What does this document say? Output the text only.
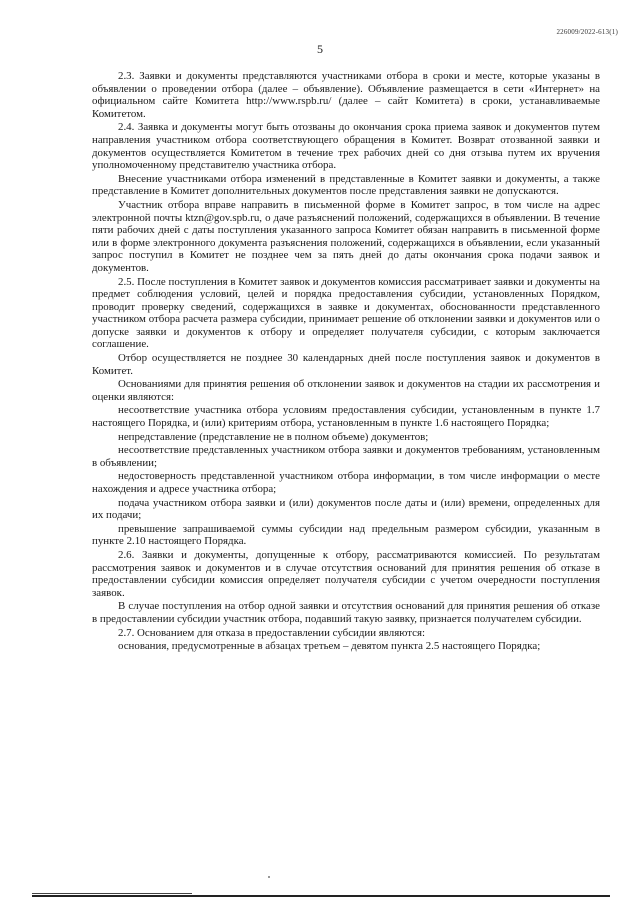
226009/2022-613(1)
5

2.3. Заявки и документы представляются участниками отбора в сроки и месте, которые указаны в объявлении о проведении отбора (далее – объявление). Объявление размещается в сети «Интернет» на официальном сайте Комитета http://www.rspb.ru/ (далее – сайт Комитета) в сроки, устанавливаемые Комитетом.

2.4. Заявка и документы могут быть отозваны до окончания срока приема заявок и документов путем направления участником отбора соответствующего обращения в Комитет. Возврат отозванной заявки и документов осуществляется Комитетом в течение трех рабочих дней со дня отзыва путем их вручения уполномоченному представителю участника отбора.

Внесение участниками отбора изменений в представленные в Комитет заявки и документы, а также представление в Комитет дополнительных документов после представления заявки не допускаются.

Участник отбора вправе направить в письменной форме в Комитет запрос, в том числе на адрес электронной почты ktzn@gov.spb.ru, о даче разъяснений положений, содержащихся в объявлении. В течение пяти рабочих дней с даты поступления указанного запроса Комитет обязан направить в письменной форме или в форме электронного документа разъяснения положений, содержащихся в объявлении, если указанный запрос поступил в Комитет не позднее чем за пять дней до даты окончания срока подачи заявок и документов.

2.5. После поступления в Комитет заявок и документов комиссия рассматривает заявки и документы на предмет соблюдения условий, целей и порядка предоставления субсидии, установленных Порядком, проводит проверку сведений, содержащихся в заявке и документах, обоснованности представленного участником отбора расчета размера субсидии, принимает решение об отклонении заявки и документов или о допуске заявки и документов к отбору и определяет получателя субсидии, с которым заключается соглашение.

Отбор осуществляется не позднее 30 календарных дней после поступления заявок и документов в Комитет.

Основаниями для принятия решения об отклонении заявок и документов на стадии их рассмотрения и оценки являются:

несоответствие участника отбора условиям предоставления субсидии, установленным в пункте 1.7 настоящего Порядка, и (или) критериям отбора, установленным в пункте 1.6 настоящего Порядка;

непредставление (представление не в полном объеме) документов;

несоответствие представленных участником отбора заявки и документов требованиям, установленным в объявлении;

недостоверность представленной участником отбора информации, в том числе информации о месте нахождения и адресе участника отбора;

подача участником отбора заявки и (или) документов после даты и (или) времени, определенных для их подачи;

превышение запрашиваемой суммы субсидии над предельным размером субсидии, указанным в пункте 2.10 настоящего Порядка.

2.6. Заявки и документы, допущенные к отбору, рассматриваются комиссией. По результатам рассмотрения заявок и документов и в случае отсутствия оснований для принятия решения об отказе в предоставлении субсидии комиссия определяет получателя субсидии с учетом очередности поступления заявок.

В случае поступления на отбор одной заявки и отсутствия оснований для принятия решения об отказе в предоставлении субсидии участник отбора, подавший такую заявку, признается получателем субсидии.

2.7. Основанием для отказа в предоставлении субсидии являются:

основания, предусмотренные в абзацах третьем – девятом пункта 2.5 настоящего Порядка;
